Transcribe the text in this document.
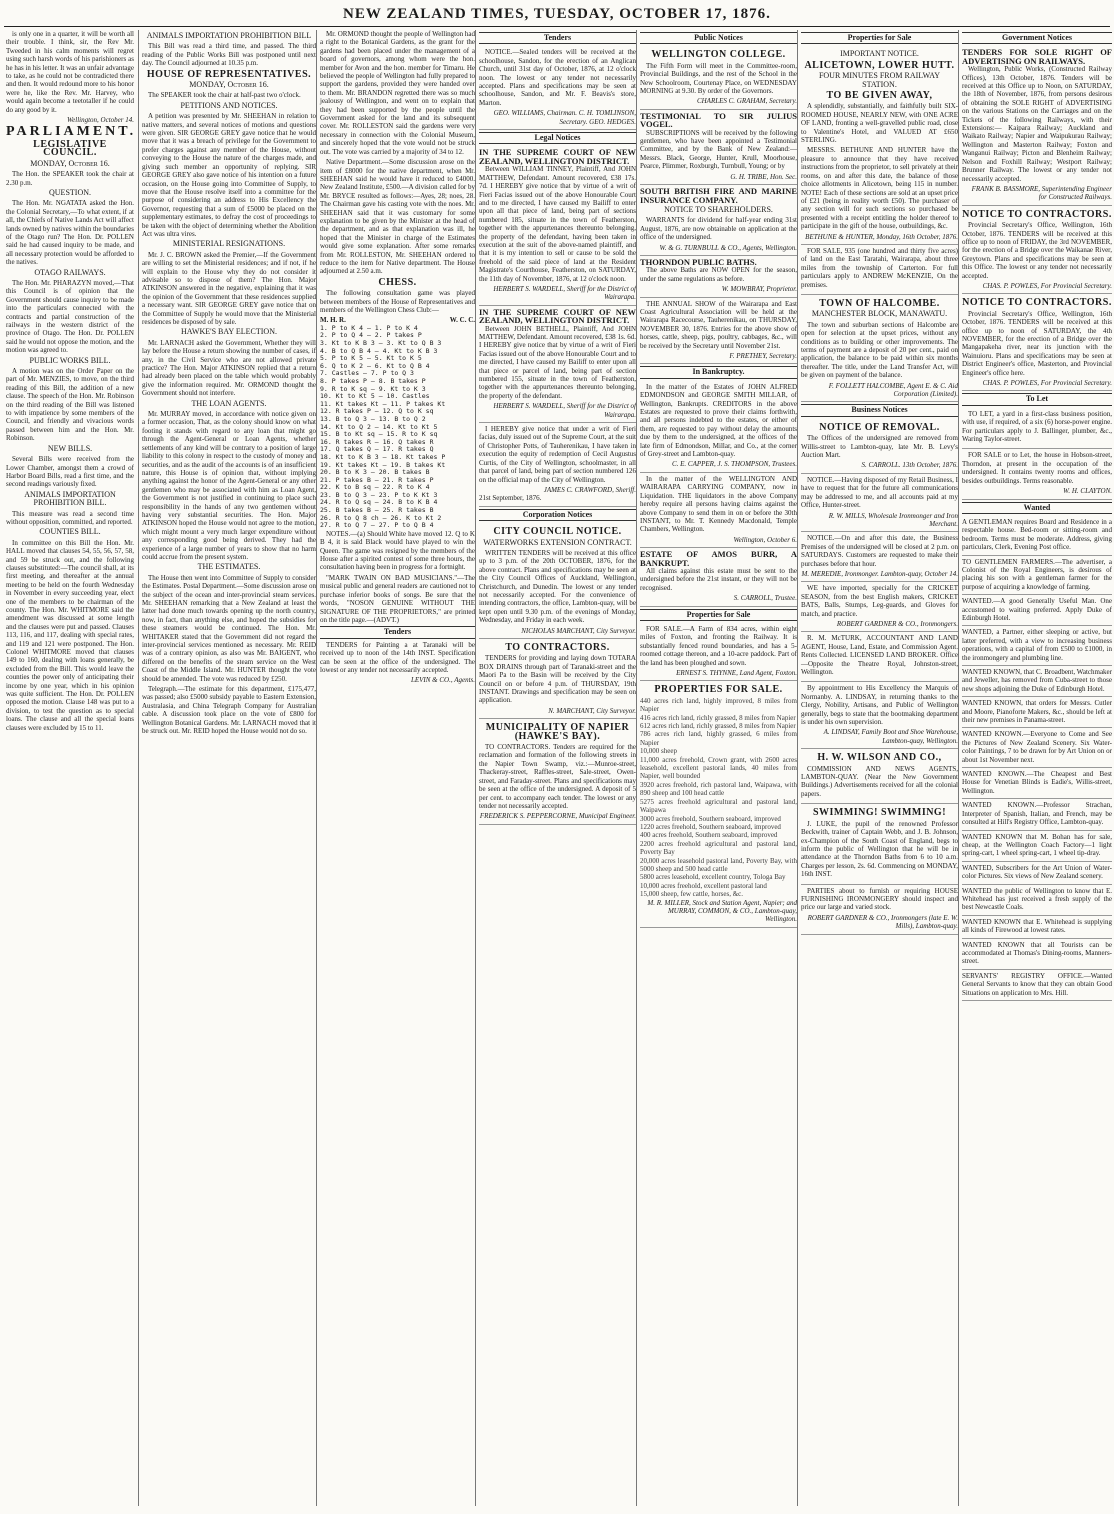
NEW ZEALAND TIMES, TUESDAY, OCTOBER 17, 1876.

is only one in a quarter, it will be worth all their trouble. I think, sir, the Rev Mr. Tweeded in his calm moments will regret using such harsh words of his parishioners as he has in his letter. It was an unfair advantage to take, as he could not be contradicted there and then. It would redound more to his honor were he, like the Rev. Mr. Harvey, who would again become a teetotaller if he could do any good by it.

Wellington, October 14.
PARLIAMENT.
LEGISLATIVE COUNCIL.
MONDAY, October 16.

The Hon. the SPEAKER took the chair at 2.30 p.m.

QUESTION.

The Hon. Mr. NGATATA asked the Hon. the Colonial Secretary,—To what extent, if at all, the Chiefs of Native Lands Act will affect lands owned by natives within the boundaries of the Otago run? The Hon. Dr. POLLEN said he had caused inquiry to be made, and all necessary protection would be afforded to the natives.

OTAGO RAILWAYS.

The Hon. Mr. PHARAZYN moved,—That this Council is of opinion that the Government should cause inquiry to be made into the particulars connected with the contracts and partial construction of the railways in the western district of the province of Otago. The Hon. Dr. POLLEN said he would not oppose the motion, and the motion was agreed to.

PUBLIC WORKS BILL.

A motion was on the Order Paper on the part of Mr. MENZIES, to move, on the third reading of this Bill, the addition of a new clause. The speech of the Hon. Mr. Robinson on the third reading of the Bill was listened to with impatience by some members of the Council, and friendly and vivacious words passed between him and the Hon. Mr. Robinson.

NEW BILLS.

Several Bills were received from the Lower Chamber, amongst them a crowd of Harbor Board Bills, read a first time, and the second readings variously fixed.

ANIMALS IMPORTATION PROHIBITION BILL.

This measure was read a second time without opposition, committed, and reported.

COUNTIES BILL.

In committee on this Bill the Hon. Mr. HALL moved that clauses 54, 55, 56, 57, 58, and 59 be struck out, and the following clauses substituted:—The council shall, at its first meeting, and thereafter at the annual meeting to be held on the fourth Wednesday in November in every succeeding year, elect one of the members to be chairman of the county. The Hon. Mr. WHITMORE said the amendment was discussed at some length and the clauses were put and passed. Clauses 113, 116, and 117, dealing with special rates, and 119 and 121 were postponed. The Hon. Colonel WHITMORE moved that clauses 149 to 160, dealing with loans generally, be excluded from the Bill. This would leave the counties the power only of anticipating their income by one year, which in his opinion was quite sufficient. The Hon. Dr. POLLEN opposed the motion. Clause 148 was put to a division, to test the question as to special loans. The clause and all the special loans clauses were excluded by 15 to 11.

ANIMALS IMPORTATION PROHIBITION BILL

This Bill was read a third time, and passed. The third reading of the Public Works Bill was postponed until next day. The Council adjourned at 10.35 p.m.

HOUSE OF REPRESENTATIVES.
MONDAY, October 16.

The SPEAKER took the chair at half-past two o'clock.

PETITIONS AND NOTICES.

A petition was presented by Mr. SHEEHAN in relation to native matters, and several notices of motions and questions were given. SIR GEORGE GREY gave notice that he would move that it was a breach of privilege for the Government to prefer charges against any member of the House, without conveying to the House the nature of the charges made, and giving such member an opportunity of replying. SIR GEORGE GREY also gave notice of his intention on a future occasion, on the House going into Committee of Supply, to move that the House resolve itself into a committee for the purpose of considering an address to His Excellency the Governor, requesting that a sum of £5000 be placed on the supplementary estimates, to defray the cost of proceedings to be taken with the object of determining whether the Abolition Act was ultra vires.

MINISTERIAL RESIGNATIONS.

Mr. J. C. BROWN asked the Premier,—If the Government are willing to set the Ministerial residences; and if not, if he will explain to the House why they do not consider it advisable so to dispose of them? The Hon. Major ATKINSON answered in the negative, explaining that it was the opinion of the Government that these residences supplied a necessary want. SIR GEORGE GREY gave notice that on the Committee of Supply he would move that the Ministerial residences be disposed of by sale.

HAWKE'S BAY ELECTION.

Mr. LARNACH asked the Government, Whether they will lay before the House a return showing the number of cases, if any, in the Civil Service who are not allowed private practice? The Hon. Major ATKINSON replied that a return had already been placed on the table which would probably give the information required. Mr. ORMOND thought the Government should not interfere.

THE LOAN AGENTS.

Mr. MURRAY moved, in accordance with notice given on a former occasion, That, as the colony should know on what footing it stands with regard to any loan that might go through the Agent-General or Loan Agents, whether settlements of any kind will be contrary to a position of large liability to this colony in respect to the custody of money and securities, and as the audit of the accounts is of an insufficient nature, this House is of opinion that, without implying anything against the honor of the Agent-General or any other gentlemen who may be associated with him as Loan Agent, the Government is not justified in continuing to place such responsibility in the hands of any two gentlemen without having very substantial securities. The Hon. Major ATKINSON hoped the House would not agree to the motion, which might mount a very much larger expenditure without any corresponding good being derived. They had the experience of a large number of years to show that no harm could accrue from the present system.

THE ESTIMATES.

The House then went into Committee of Supply to consider the Estimates. Postal Department.—Some discussion arose on the subject of the ocean and inter-provincial steam services. Mr. SHEEHAN remarking that a New Zealand at least the latter had done much towards opening up the north country, now, in fact, than anything else, and hoped the subsidies for these steamers would be continued. The Hon. Mr. WHITAKER stated that the Government did not regard the inter-provincial services mentioned as necessary. Mr. REID was of a contrary opinion, as also was Mr. BAIGENT, who differed on the benefits of the steam service on the West Coast of the Middle Island. Mr. HUNTER thought the vote should be amended. The vote was reduced by £250.

Telegraph.—The estimate for this department, £175,477, was passed; also £5000 subsidy payable to Eastern Extension, Australasia, and China Telegraph Company for Australian cable. A discussion took place on the vote of £800 for Wellington Botanical Gardens. Mr. LARNACH moved that it be struck out. Mr. REID hoped the House would not do so.

Mr. ORMOND thought the people of Wellington had a right to the Botanical Gardens, as the grant for the gardens had been placed under the management of a board of governors, among whom were the hon. member for Avon and the hon. member for Timaru. He believed the people of Wellington had fully prepared to support the gardens, provided they were handed over to them. Mr. BRANDON regretted there was so much jealousy of Wellington, and went on to explain that they had been supported by the people until the Government asked for the land and its subsequent cover. Mr. ROLLESTON said the gardens were very necessary in connection with the Colonial Museum, and sincerely hoped that the vote would not be struck out. The vote was carried by a majority of 34 to 12.

Native Department.—Some discussion arose on the item of £8000 for the native department, when Mr. SHEEHAN said he would have it reduced to £4000. New Zealand Institute, £500.—A division called for by Mr. BRYCE resulted as follows:—Ayes, 28; noes, 28. The Chairman gave his casting vote with the noes. Mr. SHEEHAN said that it was customary for some explanation to be given by the Minister at the head of the department, and as that explanation was ill, he hoped that the Minister in charge of the Estimates would give some explanation. After some remarks from Mr. ROLLESTON, Mr. SHEEHAN ordered to reduce to the item for Native department. The House adjourned at 2.50 a.m.

CHESS.

The following consultation game was played between members of the House of Representatives and members of the Wellington Chess Club:—

M. H. R.	W. C. C.
1. P to K 4 — 1. P to K 4
2. P to Q 4 — 2. P takes P
3. Kt to K B 3 — 3. Kt to Q B 3
4. B to Q B 4 — 4. Kt to K B 3
5. P to K 5 — 5. Kt to K 5
6. Q to K 2 — 6. Kt to Q B 4
7. Castles — 7. P to Q 3
8. P takes P — 8. B takes P
9. R to K sq — 9. Kt to K 3
10. Kt to Kt 5 — 10. Castles
11. Kt takes Kt — 11. P takes Kt
12. R takes P — 12. Q to K sq
13. B to Q 3 — 13. B to Q 2
14. Kt to Q 2 — 14. Kt to Kt 5
15. B to Kt sq — 15. R to K sq
16. R takes R — 16. Q takes R
17. Q takes Q — 17. R takes Q
18. Kt to K B 3 — 18. Kt takes P
19. Kt takes Kt — 19. B takes Kt
20. B to K 3 — 20. B takes B
21. P takes B — 21. R takes P
22. K to B sq — 22. R to K 4
23. B to Q 3 — 23. P to K Kt 3
24. R to Q sq — 24. B to K B 4
25. B takes B — 25. R takes B
26. R to Q 8 ch — 26. K to Kt 2
27. R to Q 7 — 27. P to Q B 4

NOTES.—(a) Should White have moved 12. Q to K B 4, it is said Black would have played to win the Queen. The game was resigned by the members of the House after a spirited contest of some three hours, the consultation having been in progress for a fortnight.

"MARK TWAIN ON BAD MUSICIANS."—The musical public and general readers are cautioned not to purchase inferior books of songs. Be sure that the words, "NOSON GENUINE WITHOUT THE SIGNATURE OF THE PROPRIETORS," are printed on the title page.—(ADVT.)

Tenders

TENDERS for Painting a at Taranaki will be received up to noon of the 14th INST. Specification can be seen at the office of the undersigned. The lowest or any tender not necessarily accepted.

LEVIN & CO., Agents.
Tenders

NOTICE.—Sealed tenders will be received at the schoolhouse, Sandon, for the erection of an Anglican Church, until 31st day of October, 1876, at 12 o'clock noon. The lowest or any tender not necessarily accepted. Plans and specifications may be seen at schoolhouse, Sandon, and Mr. F. Beavis's store, Marton.

GEO. WILLIAMS, Chairman. C. H. TOMLINSON, Secretary. GEO. HEDGES.
Legal Notices
IN THE SUPREME COURT OF NEW ZEALAND, WELLINGTON DISTRICT.

Between WILLIAM TINNEY, Plaintiff, And JOHN MATTHEW, Defendant. Amount recovered, £38 17s. 7d. I HEREBY give notice that by virtue of a writ of Fieri Facias issued out of the above Honourable Court and to me directed, I have caused my Bailiff to enter upon all that piece of land, being part of sections numbered 185, situate in the town of Featherston, together with the appurtenances thereunto belonging, the property of the defendant, having been taken in execution at the suit of the above-named plaintiff, and that it is my intention to sell or cause to be sold the freehold of the said piece of land at the Resident Magistrate's Courthouse, Featherston, on SATURDAY, the 11th day of November, 1876, at 12 o'clock noon.

HERBERT S. WARDELL, Sheriff for the District of Wairarapa.
IN THE SUPREME COURT OF NEW ZEALAND, WELLINGTON DISTRICT.

Between JOHN BETHELL, Plaintiff, And JOHN MATTHEW, Defendant. Amount recovered, £38 1s. 6d. I HEREBY give notice that by virtue of a writ of Fieri Facias issued out of the above Honourable Court and to me directed, I have caused my Bailiff to enter upon all that piece or parcel of land, being part of section numbered 155, situate in the town of Featherston, together with the appurtenances thereunto belonging, the property of the defendant.

HERBERT S. WARDELL, Sheriff for the District of Wairarapa.

I HEREBY give notice that under a writ of Fieri facias, duly issued out of the Supreme Court, at the suit of Christopher Potts, of Tauherenikau, I have taken in execution the equity of redemption of Cecil Augustus Curtis, of the City of Wellington, schoolmaster, in all that parcel of land, being part of section numbered 126 on the official map of the City of Wellington.

JAMES C. CRAWFORD, Sheriff.
21st September, 1876.
Corporation Notices
CITY COUNCIL NOTICE.
WATERWORKS EXTENSION CONTRACT.

WRITTEN TENDERS will be received at this office up to 3 p.m. of the 20th OCTOBER, 1876, for the above contract. Plans and specifications may be seen at the City Council Offices of Auckland, Wellington, Christchurch, and Dunedin. The lowest or any tender not necessarily accepted. For the convenience of intending contractors, the office, Lambton-quay, will be kept open until 9.30 p.m. of the evenings of Monday, Wednesday, and Friday in each week.

NICHOLAS MARCHANT, City Surveyor.
TO CONTRACTORS.

TENDERS for providing and laying down TOTARA BOX DRAINS through part of Taranaki-street and the Maori Pa to the Basin will be received by the City Council on or before 4 p.m. of THURSDAY, 19th INSTANT. Drawings and specification may be seen on application.

N. MARCHANT, City Surveyor.
MUNICIPALITY OF NAPIER (HAWKE'S BAY).

TO CONTRACTORS. Tenders are required for the reclamation and formation of the following streets in the Napier Town Swamp, viz.:—Munroe-street, Thackeray-street, Raffles-street, Sale-street, Owen-street, and Faraday-street. Plans and specifications may be seen at the office of the undersigned. A deposit of 5 per cent. to accompany each tender. The lowest or any tender not necessarily accepted.

FREDERICK S. PEPPERCORNE, Municipal Engineer.
Public Notices
WELLINGTON COLLEGE.

The Fifth Form will meet in the Committee-room, Provincial Buildings, and the rest of the School in the New Schoolroom, Courtenay Place, on WEDNESDAY MORNING at 9.30. By order of the Governors.

CHARLES C. GRAHAM, Secretary.
TESTIMONIAL TO SIR JULIUS VOGEL.

SUBSCRIPTIONS will be received by the following gentlemen, who have been appointed a Testimonial Committee, and by the Bank of New Zealand:—Messrs. Black, George, Hunter, Krull, Moorhouse, Pearce, Plimmer, Roxburgh, Turnbull, Young; or by

G. H. TRIBE, Hon. Sec.
SOUTH BRITISH FIRE AND MARINE INSURANCE COMPANY.
NOTICE TO SHAREHOLDERS.

WARRANTS for dividend for half-year ending 31st August, 1876, are now obtainable on application at the office of the undersigned.

W. & G. TURNBULL & CO., Agents, Wellington.
THORNDON PUBLIC BATHS.

The above Baths are NOW OPEN for the season, under the same regulations as before.

W. MOWBRAY, Proprietor.

THE ANNUAL SHOW of the Wairarapa and East Coast Agricultural Association will be held at the Wairarapa Racecourse, Tauherenikau, on THURSDAY, NOVEMBER 30, 1876. Entries for the above show of horses, cattle, sheep, pigs, poultry, cabbages, &c., will be received by the Secretary until November 21st.

F. PRETHEY, Secretary.
In Bankruptcy.

In the matter of the Estates of JOHN ALFRED EDMONDSON and GEORGE SMITH MILLAR, of Wellington, Bankrupts. CREDITORS in the above Estates are requested to prove their claims forthwith, and all persons indebted to the estates, or either of them, are requested to pay without delay the amounts due by them to the undersigned, at the offices of the late firm of Edmondson, Millar, and Co., at the corner of Grey-street and Lambton-quay.

C. E. CAPPER, J. S. THOMPSON, Trustees.

In the matter of the WELLINGTON AND WAIRARAPA CARRYING COMPANY, now in Liquidation. THE liquidators in the above Company hereby require all persons having claims against the above Company to send them in on or before the 30th INSTANT, to Mr. T. Kennedy Macdonald, Temple Chambers, Wellington.

Wellington, October 6.
ESTATE OF AMOS BURR, A BANKRUPT.

All claims against this estate must be sent to the undersigned before the 21st instant, or they will not be recognised.

S. CARROLL, Trustee.
Properties for Sale

FOR SALE.—A Farm of 834 acres, within eight miles of Foxton, and fronting the Railway. It is substantially fenced round boundaries, and has a 5-roomed cottage thereon, and a 10-acre paddock. Part of the land has been ploughed and sown.

ERNEST S. THYNNE, Land Agent, Foxton.
PROPERTIES FOR SALE.
440 acres rich land, highly improved, 8 miles from Napier
416 acres rich land, richly grassed, 8 miles from Napier
612 acres rich land, richly grassed, 8 miles from Napier
786 acres rich land, highly grassed, 6 miles from Napier
10,000 sheep
11,000 acres freehold, Crown grant, with 2600 acres leasehold, excellent pastoral lands, 40 miles from Napier, well bounded
3920 acres freehold, rich pastoral land, Waipawa, with 890 sheep and 100 head cattle
5275 acres freehold agricultural and pastoral land, Waipawa
3000 acres freehold, Southern seaboard, improved
1220 acres freehold, Southern seaboard, improved
400 acres freehold, Southern seaboard, improved
2200 acres freehold agricultural and pastoral land, Poverty Bay
20,000 acres leasehold pastoral land, Poverty Bay, with 5000 sheep and 500 head cattle
5800 acres leasehold, excellent country, Tologa Bay
10,000 acres freehold, excellent pastoral land
15,000 sheep, few cattle, horses, &c.
M. R. MILLER, Stock and Station Agent, Napier; and MURRAY, COMMON, & CO., Lambton-quay, Wellington.
Properties for Sale
IMPORTANT NOTICE.
ALICETOWN, LOWER HUTT.
FOUR MINUTES FROM RAILWAY STATION.
TO BE GIVEN AWAY,

A splendidly, substantially, and faithfully built SIX-ROOMED HOUSE, NEARLY NEW, with ONE ACRE OF LAND, fronting a well-gravelled public road, close to Valentine's Hotel, and VALUED AT £650 STERLING.

MESSRS. BETHUNE AND HUNTER have the pleasure to announce that they have received instructions from the proprietor, to sell privately at their rooms, on and after this date, the balance of those choice allotments in Alicetown, being 115 in number. NOTE! Each of these sections are sold at an upset price of £21 (being in reality worth £50). The purchaser of any section will for such sections so purchased be presented with a receipt entitling the holder thereof to participate in the gift of the house, outbuildings, &c.

BETHUNE & HUNTER, Monday, 16th October, 1876.

FOR SALE, 935 (one hundred and thirty five acres) of land on the East Taratahi, Wairarapa, about three miles from the township of Carterton. For full particulars apply to ANDREW McKENZIE, On the premises.

TOWN OF HALCOMBE.
MANCHESTER BLOCK, MANAWATU.

The town and suburban sections of Halcombe are open for selection at the upset prices, without any conditions as to building or other improvements. The terms of payment are a deposit of 20 per cent., paid on application, the balance to be paid within six months thereafter. The title, under the Land Transfer Act, will be given on payment of the balance.

F. FOLLETT HALCOMBE, Agent E. & C. Aid Corporation (Limited).
Business Notices
NOTICE OF REMOVAL.

The Offices of the undersigned are removed from Willis-street to Lambton-quay, late Mr. B. Levy's Auction Mart.

S. CARROLL. 13th October, 1876.

NOTICE.—Having disposed of my Retail Business, I have to request that for the future all communications may be addressed to me, and all accounts paid at my Office, Hunter-street.

R. W. MILLS, Wholesale Ironmonger and Iron Merchant.

NOTICE.—On and after this date, the Business Premises of the undersigned will be closed at 2 p.m. on SATURDAYS. Customers are requested to make their purchases before that hour.

M. MEREDIE, Ironmonger. Lambton-quay, October 14.

WE have imported, specially for the CRICKET SEASON, from the best English makers, CRICKET BATS, Balls, Stumps, Leg-guards, and Gloves for match, and practice.

ROBERT GARDNER & CO., Ironmongers.

R. M. McTURK, ACCOUNTANT AND LAND AGENT, House, Land, Estate, and Commission Agent. Rents Collected. LICENSED LAND BROKER. Office—Opposite the Theatre Royal, Johnston-street, Wellington.

By appointment to His Excellency the Marquis of Normanby. A. LINDSAY, in returning thanks to the Clergy, Nobility, Artisans, and Public of Wellington generally, begs to state that the bootmaking department is under his own supervision.

A. LINDSAY, Family Boot and Shoe Warehouse, Lambton-quay, Wellington.
H. W. WILSON AND CO.,

COMMISSION AND NEWS AGENTS, LAMBTON-QUAY. (Near the New Government Buildings.) Advertisements received for all the colonial papers.

SWIMMING! SWIMMING!

J. LUKE, the pupil of the renowned Professor Beckwith, trainer of Captain Webb, and J. B. Johnson, ex-Champion of the South Coast of England, begs to inform the public of Wellington that he will be in attendance at the Thorndon Baths from 6 to 10 a.m. Charges per lesson, 2s. 6d. Commencing on MONDAY, 16th INST.

PARTIES about to furnish or requiring HOUSE FURNISHING IRONMONGERY should inspect and price our large and varied stock.

ROBERT GARDNER & CO., Ironmongers (late E. W. Mills), Lambton-quay.
Government Notices
TENDERS FOR SOLE RIGHT OF ADVERTISING ON RAILWAYS.

Wellington, Public Works, (Constructed Railway Offices), 13th October, 1876. Tenders will be received at this Office up to Noon, on SATURDAY, the 18th of November, 1876, from persons desirous of obtaining the SOLE RIGHT of ADVERTISING on the various Stations on the Carriages and on the Tickets of the following Railways, with their Extensions:— Kaipara Railway; Auckland and Waikato Railway; Napier and Waipukurau Railway; Wellington and Masterton Railway; Foxton and Wanganui Railway; Picton and Blenheim Railway; Nelson and Foxhill Railway; Westport Railway; Brunner Railway. The lowest or any tender not necessarily accepted.

FRANK B. BASSMORE, Superintending Engineer for Constructed Railways.
NOTICE TO CONTRACTORS.

Provincial Secretary's Office, Wellington, 16th October, 1876. TENDERS will be received at this office up to noon of FRIDAY, the 3rd NOVEMBER, for the erection of a Bridge over the Waikanae River, Greytown. Plans and specifications may be seen at this Office. The lowest or any tender not necessarily accepted.

CHAS. P. POWLES, For Provincial Secretary.
NOTICE TO CONTRACTORS.

Provincial Secretary's Office, Wellington, 16th October, 1876. TENDERS will be received at this office up to noon of SATURDAY, the 4th NOVEMBER, for the erection of a Bridge over the Mangapakeha river, near its junction with the Wainuioru. Plans and specifications may be seen at District Engineer's office, Masterton, and Provincial Engineer's office here.

CHAS. P. POWLES, For Provincial Secretary.
To Let

TO LET, a yard in a first-class business position, with use, if required, of a six (6) horse-power engine. For particulars apply to J. Ballinger, plumber, &c., Waring Taylor-street.

FOR SALE or to Let, the house in Hobson-street, Thorndon, at present in the occupation of the undersigned. It contains twenty rooms and offices, besides outbuildings. Terms reasonable.

W. H. CLAYTON.
Wanted
A GENTLEMAN requires Board and Residence in a respectable house. Bed-room or sitting-room and bedroom. Terms must be moderate. Address, giving particulars, Clerk, Evening Post office.
TO GENTLEMEN FARMERS.—The advertiser, a Colonist of the Royal Engineers, is desirous of placing his son with a gentleman farmer for the purpose of acquiring a knowledge of farming.
WANTED.—A good Generally Useful Man. One accustomed to waiting preferred. Apply Duke of Edinburgh Hotel.
WANTED, a Partner, either sleeping or active, but latter preferred, with a view to increasing business operations, with a capital of from £500 to £1000, in the ironmongery and plumbing line.
WANTED KNOWN, that C. Broadbent, Watchmaker and Jeweller, has removed from Cuba-street to those new shops adjoining the Duke of Edinburgh Hotel.
WANTED KNOWN, that orders for Messrs. Cutler and Moore, Pianoforte Makers, &c., should be left at their new premises in Panama-street.
WANTED KNOWN.—Everyone to Come and See the Pictures of New Zealand Scenery. Six Water-color Paintings, 7 to be drawn for by Art Union on or about 1st November next.
WANTED KNOWN.—The Cheapest and Best House for Venetian Blinds is Eadie's, Willis-street, Wellington.
WANTED KNOWN.—Professor Strachan, Interpreter of Spanish, Italian, and French, may be consulted at Hill's Registry Office, Lambton-quay.
WANTED KNOWN that M. Bohan has for sale, cheap, at the Wellington Coach Factory—1 light spring-cart, 1 wheel spring-cart, 1 wheel tip-dray.
WANTED, Subscribers for the Art Union of Water-color Pictures. Six views of New Zealand scenery.
WANTED the public of Wellington to know that E. Whitehead has just received a fresh supply of the best Newcastle Coals.
WANTED KNOWN that E. Whitehead is supplying all kinds of Firewood at lowest rates.
WANTED KNOWN that all Tourists can be accommodated at Thomas's Dining-rooms, Manners-street.
SERVANTS' REGISTRY OFFICE.—Wanted General Servants to know that they can obtain Good Situations on application to Mrs. Hill.
